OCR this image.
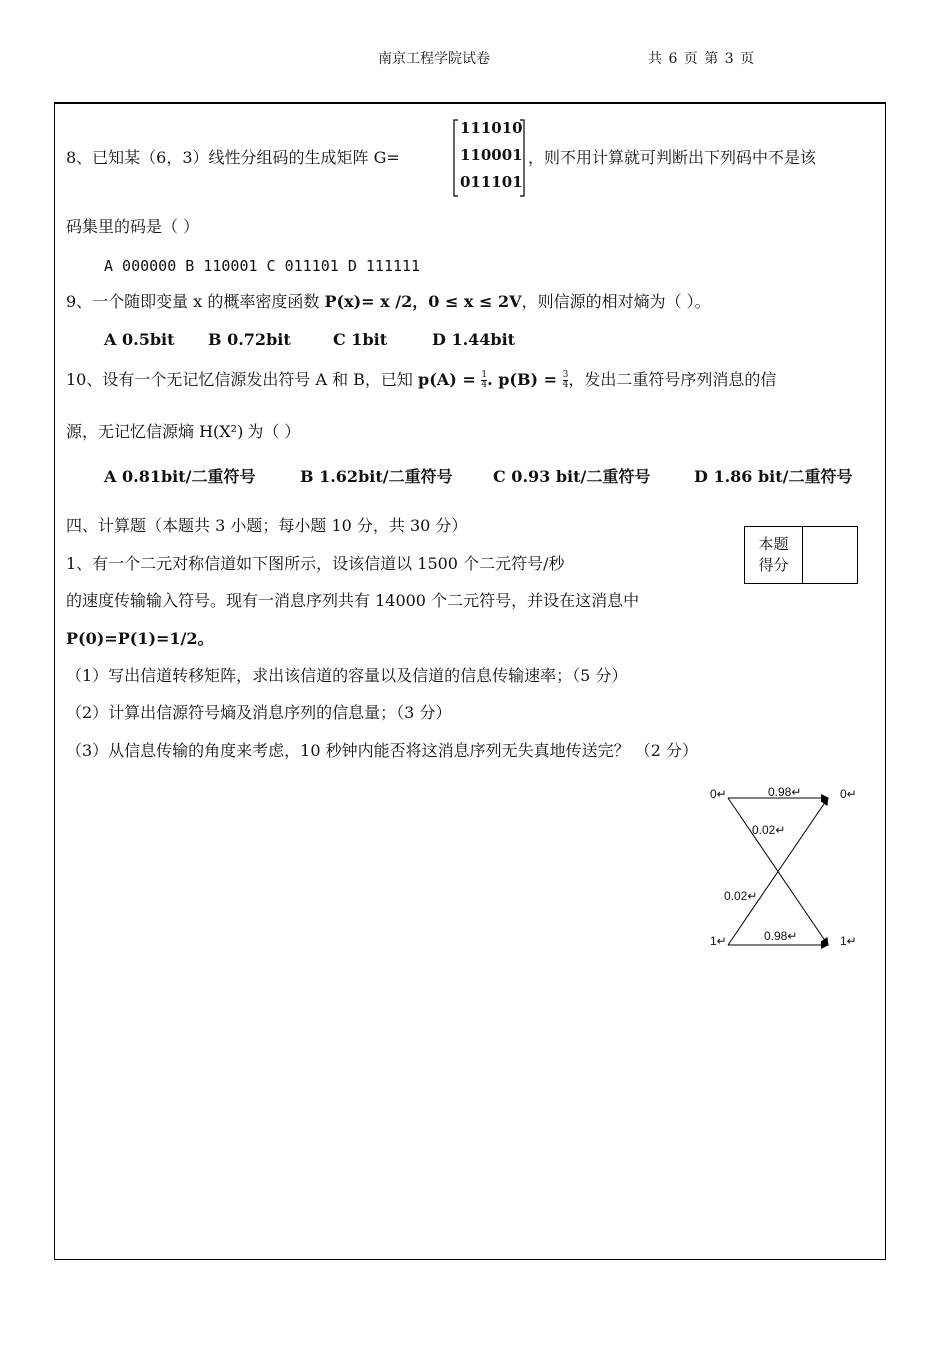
南京工程学院试卷	共 6 页 第 3 页
8、已知某（6，3）线性分组码的生成矩阵 G=
111010
110001
011101
，则不用计算就可判断出下列码中不是该
码集里的码是（ ）
A 000000 B 110001 C 011101 D 111111
9、一个随即变量 x 的概率密度函数 P(x)= x /2，0 ≤ x ≤ 2V，则信源的相对熵为（ ）。
A 0.5bit B 0.72bit	C 1bit	D 1.44bit
10、设有一个无记忆信源发出符号 A 和 B，已知 $p(A) = \frac{1}{4}$ . $p(B) = \frac{3}{4}$ ，发出二重符号序列消息的信
源，无记忆信源熵 H(X²) 为（ ）
A 0.81bit/二重符号	B 1.62bit/二重符号	C 0.93 bit/二重符号	D 1.86 bit/二重符号
四、计算题（本题共 3 小题；每小题 10 分，共 30 分）
本题
得分
1、有一个二元对称信道如下图所示，设该信道以 1500 个二元符号/秒
的速度传输输入符号。现有一消息序列共有 14000 个二元符号，并设在这消息中
P(0)=P(1)=1/2。
（1）写出信道转移矩阵，求出该信道的容量以及信道的信息传输速率；（5 分）
（2）计算出信源符号熵及消息序列的信息量；（3 分）
（3）从信息传输的角度来考虑，10 秒钟内能否将这消息序列无失真地传送完？ （2 分）
0↵
1↵
0↵
1↵
0.98↵
0.02↵
0.02↵
0.98↵
